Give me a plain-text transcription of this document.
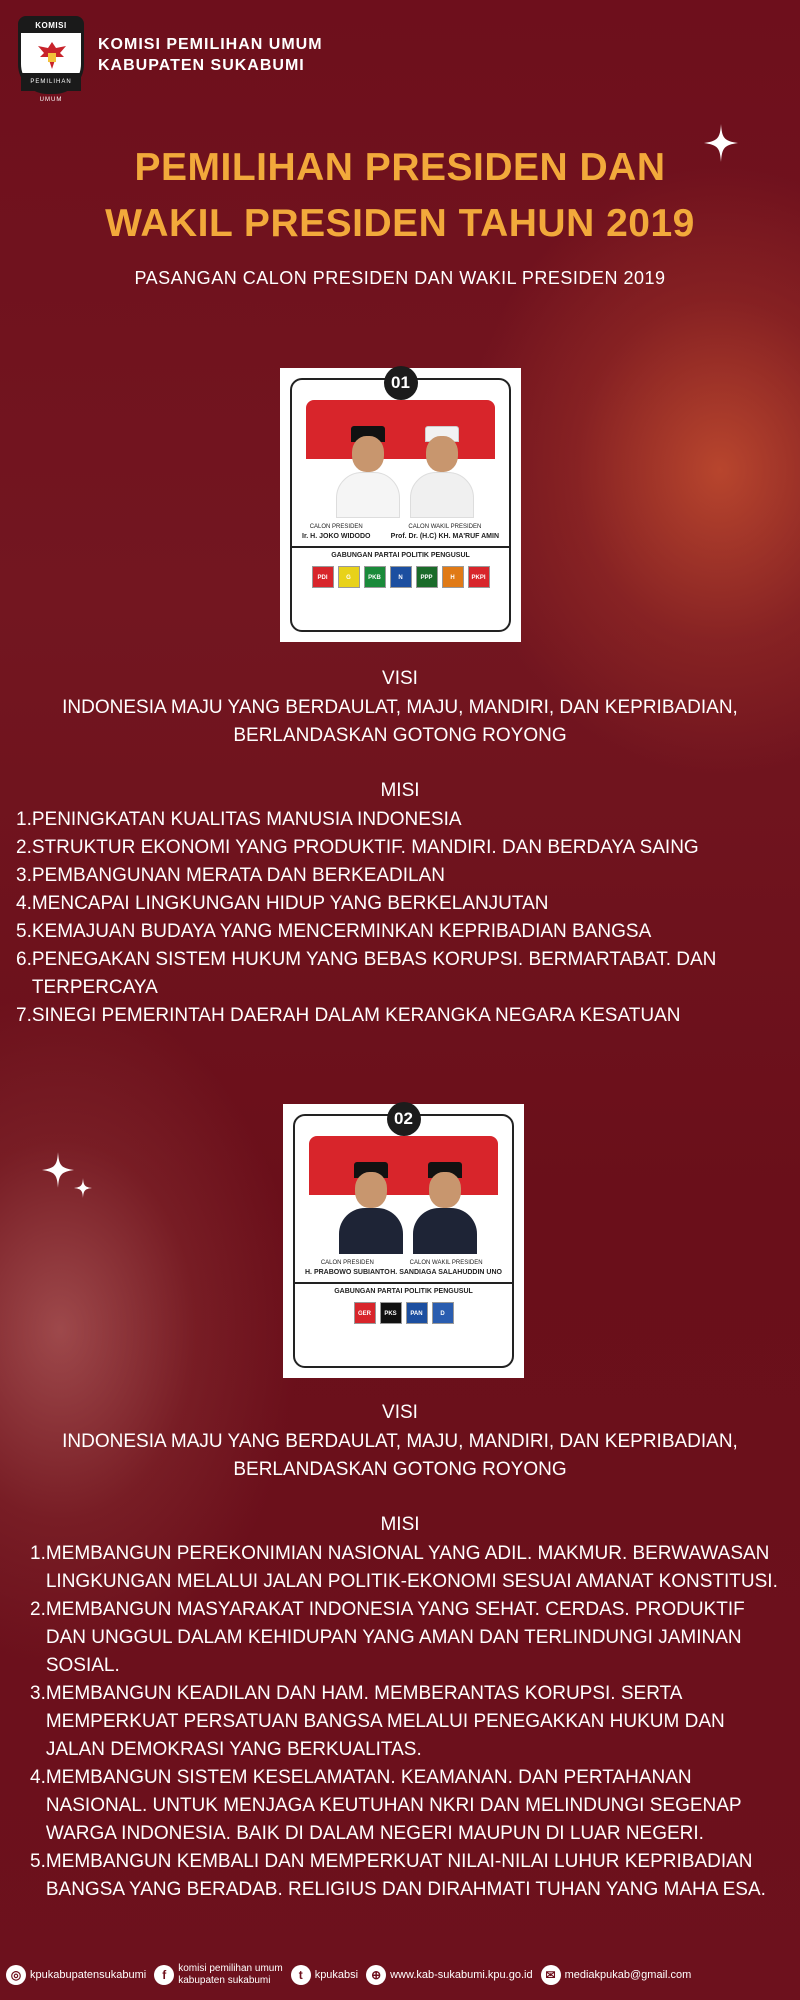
KOMISI
PEMILIHAN UMUM
KOMISI PEMILIHAN UMUM
KABUPATEN SUKABUMI
PEMILIHAN PRESIDEN DAN
WAKIL PRESIDEN TAHUN 2019
PASANGAN CALON PRESIDEN DAN WAKIL PRESIDEN 2019
01
CALON PRESIDEN
Ir. H. JOKO WIDODO
CALON WAKIL PRESIDEN
Prof. Dr. (H.C) KH. MA'RUF AMIN
GABUNGAN PARTAI POLITIK PENGUSUL
PDI	G	PKB	N	PPP	H	PKPI
VISI
INDONESIA MAJU YANG BERDAULAT, MAJU, MANDIRI, DAN KEPRIBADIAN, BERLANDASKAN GOTONG ROYONG
MISI
1. PENINGKATAN KUALITAS MANUSIA INDONESIA
2. STRUKTUR EKONOMI YANG PRODUKTIF. MANDIRI. DAN BERDAYA SAING
3. PEMBANGUNAN MERATA DAN BERKEADILAN
4. MENCAPAI LINGKUNGAN HIDUP YANG BERKELANJUTAN
5. KEMAJUAN BUDAYA YANG MENCERMINKAN KEPRIBADIAN BANGSA
6. PENEGAKAN SISTEM HUKUM YANG BEBAS KORUPSI. BERMARTABAT. DAN TERPERCAYA
7. SINEGI PEMERINTAH DAERAH DALAM KERANGKA NEGARA KESATUAN
02
CALON PRESIDEN
H. PRABOWO SUBIANTO
CALON WAKIL PRESIDEN
H. SANDIAGA SALAHUDDIN UNO
GABUNGAN PARTAI POLITIK PENGUSUL
GER	PKS	PAN	D
VISI
INDONESIA MAJU YANG BERDAULAT, MAJU, MANDIRI, DAN KEPRIBADIAN, BERLANDASKAN GOTONG ROYONG
MISI
1. MEMBANGUN PEREKONIMIAN NASIONAL YANG ADIL. MAKMUR. BERWAWASAN LINGKUNGAN MELALUI JALAN POLITIK-EKONOMI SESUAI AMANAT KONSTITUSI.
2. MEMBANGUN MASYARAKAT INDONESIA YANG SEHAT. CERDAS. PRODUKTIF DAN UNGGUL DALAM KEHIDUPAN YANG AMAN DAN TERLINDUNGI JAMINAN SOSIAL.
3. MEMBANGUN KEADILAN DAN HAM. MEMBERANTAS KORUPSI. SERTA MEMPERKUAT PERSATUAN BANGSA MELALUI PENEGAKKAN HUKUM DAN JALAN DEMOKRASI YANG BERKUALITAS.
4. MEMBANGUN SISTEM KESELAMATAN. KEAMANAN. DAN PERTAHANAN NASIONAL. UNTUK MENJAGA KEUTUHAN NKRI DAN MELINDUNGI SEGENAP WARGA INDONESIA. BAIK DI DALAM NEGERI MAUPUN DI LUAR NEGERI.
5. MEMBANGUN KEMBALI DAN MEMPERKUAT NILAI-NILAI LUHUR KEPRIBADIAN BANGSA YANG BERADAB. RELIGIUS DAN DIRAHMATI TUHAN YANG MAHA ESA.
◎ kpukabupatensukabumi	f	komisi pemilihan umum
kabupaten sukabumi	t	kpukabsi	⊕ www.kab-sukabumi.kpu.go.id	✉ mediakpukab@gmail.com
